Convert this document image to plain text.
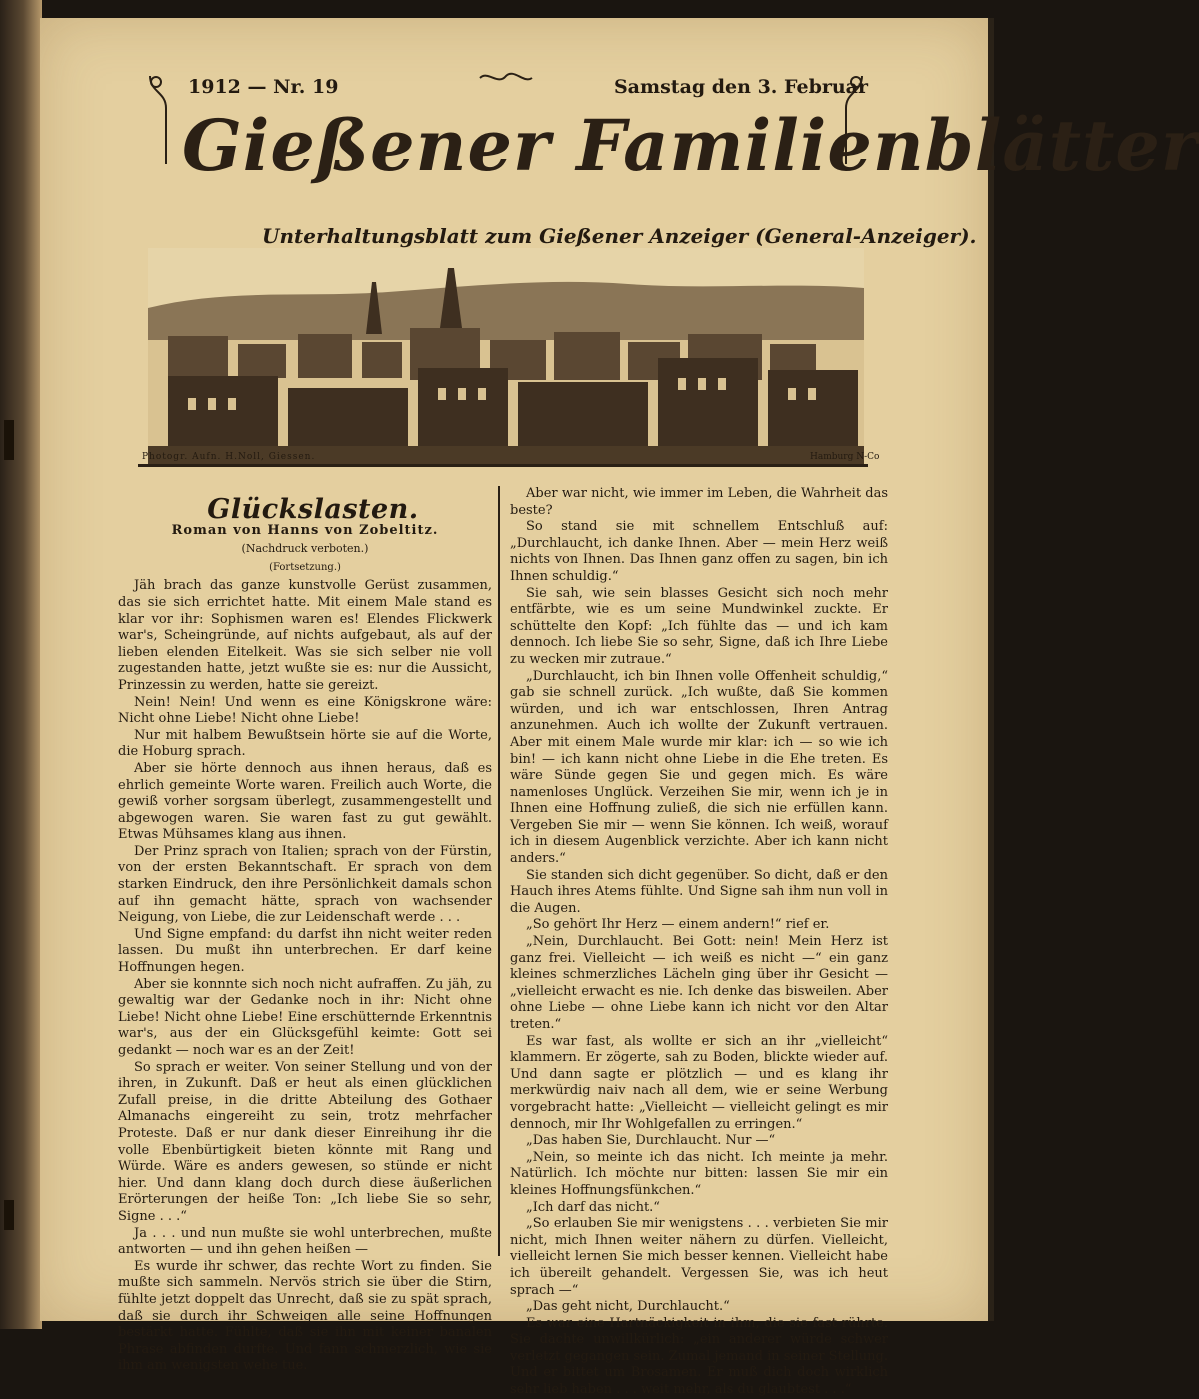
1912 — Nr. 19	Samstag den 3. Februar
Gießener Familienblätter
Unterhaltungsblatt zum Gießener Anzeiger (General-Anzeiger).
Photogr. Aufn. H.Noll, Giessen.	Hamburg N-Co

Glückslasten.

Roman von Hanns von Zobeltitz.

(Nachdruck verboten.)

(Fortsetzung.)

Jäh brach das ganze kunstvolle Gerüst zusammen, das sie sich errichtet hatte. Mit einem Male stand es klar vor ihr: Sophismen waren es! Elendes Flickwerk war's, Scheingründe, auf nichts aufgebaut, als auf der lieben elenden Eitelkeit. Was sie sich selber nie voll zugestanden hatte, jetzt wußte sie es: nur die Aussicht, Prinzessin zu werden, hatte sie gereizt.

Nein! Nein! Und wenn es eine Königskrone wäre: Nicht ohne Liebe! Nicht ohne Liebe!

Nur mit halbem Bewußtsein hörte sie auf die Worte, die Hoburg sprach.

Aber sie hörte dennoch aus ihnen heraus, daß es ehrlich gemeinte Worte waren. Freilich auch Worte, die gewiß vorher sorgsam überlegt, zusammengestellt und abgewogen waren. Sie waren fast zu gut gewählt. Etwas Mühsames klang aus ihnen.

Der Prinz sprach von Italien; sprach von der Fürstin, von der ersten Bekanntschaft. Er sprach von dem starken Eindruck, den ihre Persönlichkeit damals schon auf ihn gemacht hätte, sprach von wachsender Neigung, von Liebe, die zur Leidenschaft werde . . .

Und Signe empfand: du darfst ihn nicht weiter reden lassen. Du mußt ihn unterbrechen. Er darf keine Hoffnungen hegen.

Aber sie konnnte sich noch nicht aufraffen. Zu jäh, zu gewaltig war der Gedanke noch in ihr: Nicht ohne Liebe! Nicht ohne Liebe! Eine erschütternde Erkenntnis war's, aus der ein Glücksgefühl keimte: Gott sei gedankt — noch war es an der Zeit!

So sprach er weiter. Von seiner Stellung und von der ihren, in Zukunft. Daß er heut als einen glücklichen Zufall preise, in die dritte Abteilung des Gothaer Almanachs eingereiht zu sein, trotz mehrfacher Proteste. Daß er nur dank dieser Einreihung ihr die volle Ebenbürtigkeit bieten könnte mit Rang und Würde. Wäre es anders gewesen, so stünde er nicht hier. Und dann klang doch durch diese äußerlichen Erörterungen der heiße Ton: „Ich liebe Sie so sehr, Signe . . .“

Ja . . . und nun mußte sie wohl unterbrechen, mußte antworten — und ihn gehen heißen —

Es wurde ihr schwer, das rechte Wort zu finden. Sie mußte sich sammeln. Nervös strich sie über die Stirn, fühlte jetzt doppelt das Unrecht, daß sie zu spät sprach, daß sie durch ihr Schweigen alle seine Hoffnungen bestärkt hatte. Fühlte, daß sie ihn mit keiner banalen Phrase abfinden durfte. Und fann schmerzlich, wie sie ihm am wenigsten wehe tue.

Aber war nicht, wie immer im Leben, die Wahrheit das beste?

So stand sie mit schnellem Entschluß auf: „Durchlaucht, ich danke Ihnen. Aber — mein Herz weiß nichts von Ihnen. Das Ihnen ganz offen zu sagen, bin ich Ihnen schuldig.“

Sie sah, wie sein blasses Gesicht sich noch mehr entfärbte, wie es um seine Mundwinkel zuckte. Er schüttelte den Kopf: „Ich fühlte das — und ich kam dennoch. Ich liebe Sie so sehr, Signe, daß ich Ihre Liebe zu wecken mir zutraue.“

„Durchlaucht, ich bin Ihnen volle Offenheit schuldig,“ gab sie schnell zurück. „Ich wußte, daß Sie kommen würden, und ich war entschlossen, Ihren Antrag anzunehmen. Auch ich wollte der Zukunft vertrauen. Aber mit einem Male wurde mir klar: ich — so wie ich bin! — ich kann nicht ohne Liebe in die Ehe treten. Es wäre Sünde gegen Sie und gegen mich. Es wäre namenloses Unglück. Verzeihen Sie mir, wenn ich je in Ihnen eine Hoffnung zuließ, die sich nie erfüllen kann. Vergeben Sie mir — wenn Sie können. Ich weiß, worauf ich in diesem Augenblick verzichte. Aber ich kann nicht anders.“

Sie standen sich dicht gegenüber. So dicht, daß er den Hauch ihres Atems fühlte. Und Signe sah ihm nun voll in die Augen.

„So gehört Ihr Herz — einem andern!“ rief er.

„Nein, Durchlaucht. Bei Gott: nein! Mein Herz ist ganz frei. Vielleicht — ich weiß es nicht —“ ein ganz kleines schmerzliches Lächeln ging über ihr Gesicht — „vielleicht erwacht es nie. Ich denke das bisweilen. Aber ohne Liebe — ohne Liebe kann ich nicht vor den Altar treten.“

Es war fast, als wollte er sich an ihr „vielleicht“ klammern. Er zögerte, sah zu Boden, blickte wieder auf. Und dann sagte er plötzlich — und es klang ihr merkwürdig naiv nach all dem, wie er seine Werbung vorgebracht hatte: „Vielleicht — vielleicht gelingt es mir dennoch, mir Ihr Wohlgefallen zu erringen.“

„Das haben Sie, Durchlaucht. Nur —“

„Nein, so meinte ich das nicht. Ich meinte ja mehr. Natürlich. Ich möchte nur bitten: lassen Sie mir ein kleines Hoffnungsfünkchen.“

„Ich darf das nicht.“

„So erlauben Sie mir wenigstens . . . verbieten Sie mir nicht, mich Ihnen weiter nähern zu dürfen. Vielleicht, vielleicht lernen Sie mich besser kennen. Vielleicht habe ich übereilt gehandelt. Vergessen Sie, was ich heut sprach —“

„Das geht nicht, Durchlaucht.“

Es war eine Hartnäckigkeit in ihm, die sie fast rührte. Sie dachte unwillkürlich: „ein anderer würde schwer verletzt gegangen sein. Zumal jemand in seiner Stellung. Und er bittet um Brosamen. Er muß dich doch wirklich sehr lieb haben . . . weit mehr, als du glaubtest . . .“
